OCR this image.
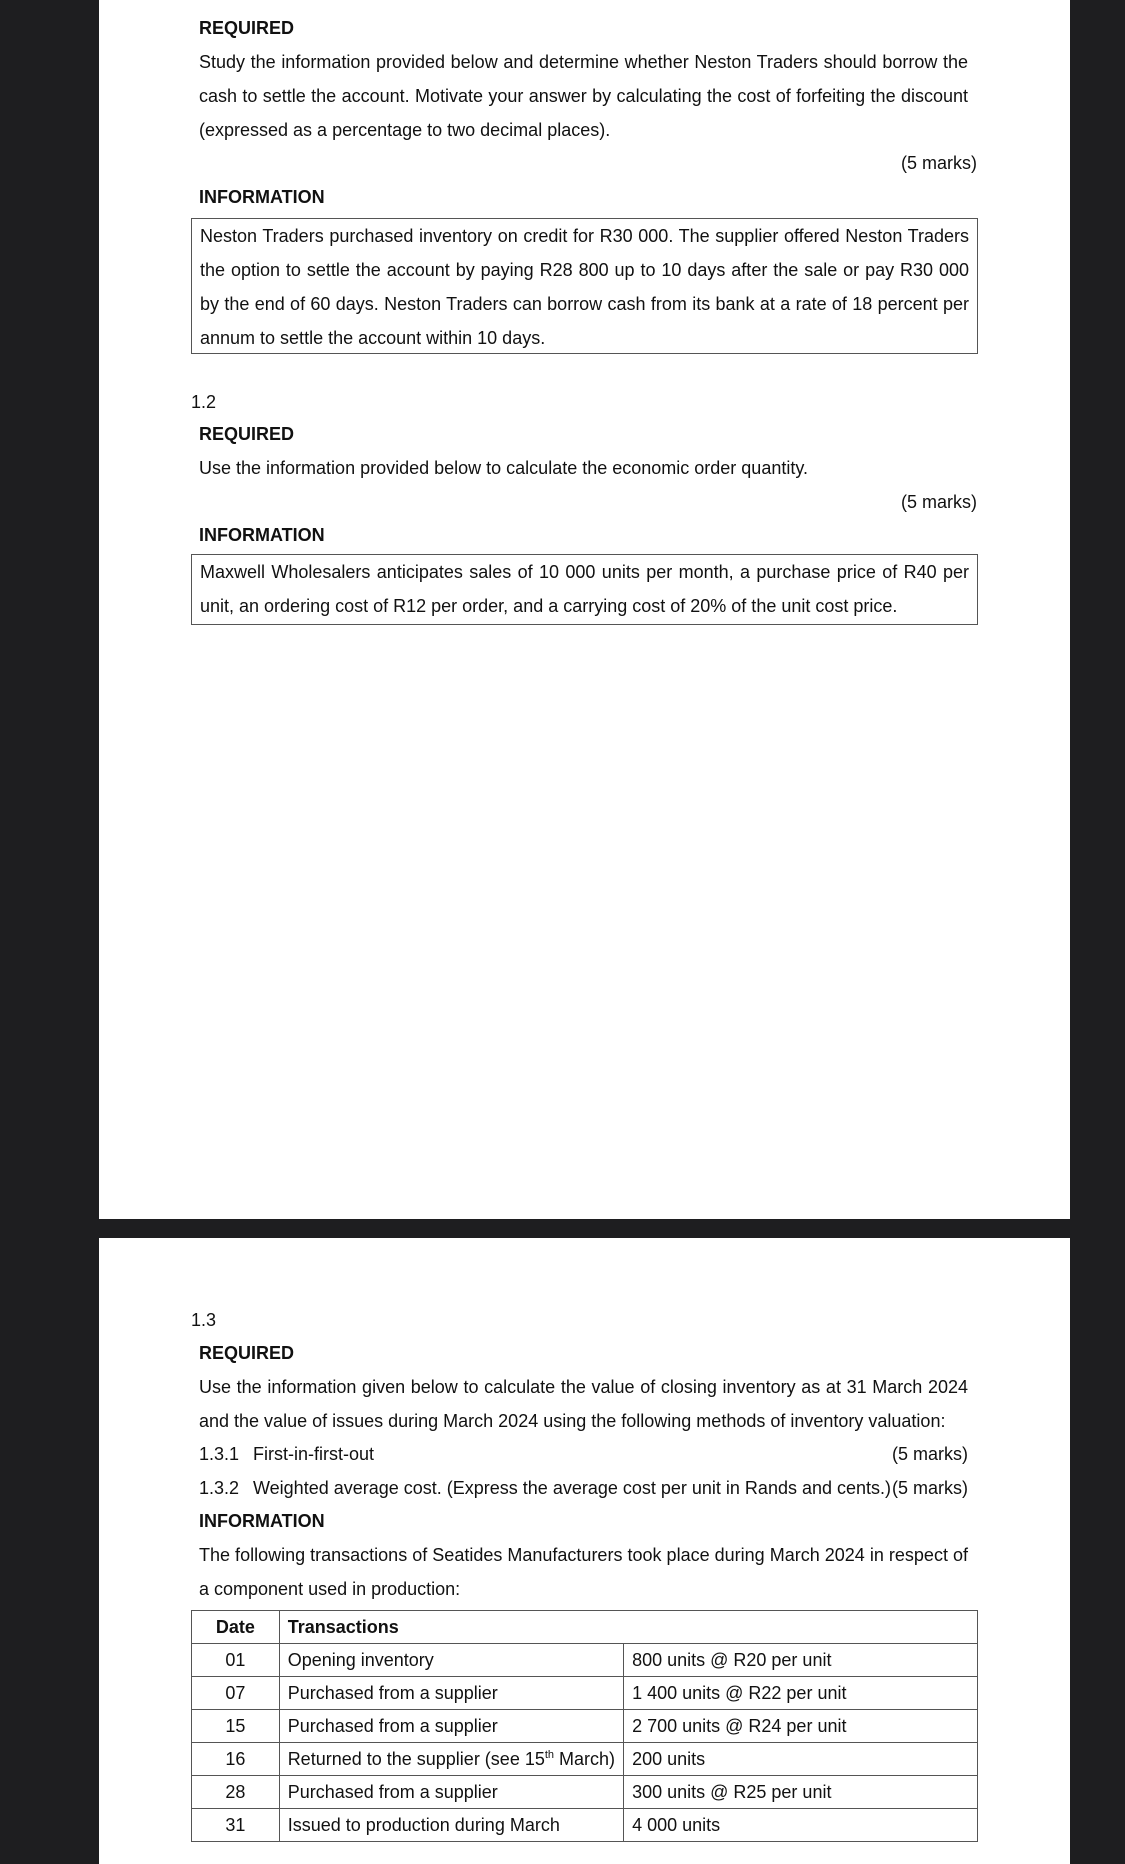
REQUIRED
Study the information provided below and determine whether Neston Traders should borrow the cash to settle the account. Motivate your answer by calculating the cost of forfeiting the discount (expressed as a percentage to two decimal places).
(5 marks)
INFORMATION
Neston Traders purchased inventory on credit for R30 000. The supplier offered Neston Traders the option to settle the account by paying R28 800 up to 10 days after the sale or pay R30 000 by the end of 60 days. Neston Traders can borrow cash from its bank at a rate of 18 percent per annum to settle the account within 10 days.
1.2
REQUIRED
Use the information provided below to calculate the economic order quantity.
(5 marks)
INFORMATION
Maxwell Wholesalers anticipates sales of 10 000 units per month, a purchase price of R40 per unit, an ordering cost of R12 per order, and a carrying cost of 20% of the unit cost price.
1.3
REQUIRED
Use the information given below to calculate the value of closing inventory as at 31 March 2024 and the value of issues during March 2024 using the following methods of inventory valuation:
1.3.1 First-in-first-out	(5 marks)
1.3.2 Weighted average cost. (Express the average cost per unit in Rands and cents.) (5 marks)
INFORMATION
The following transactions of Seatides Manufacturers took place during March 2024 in respect of a component used in production:
Date	Transactions	
01	Opening inventory	800 units @ R20 per unit
07	Purchased from a supplier	1 400 units @ R22 per unit
15	Purchased from a supplier	2 700 units @ R24 per unit
16	Returned to the supplier (see 15th March)	200 units
28	Purchased from a supplier	300 units @ R25 per unit
31	Issued to production during March	4 000 units
